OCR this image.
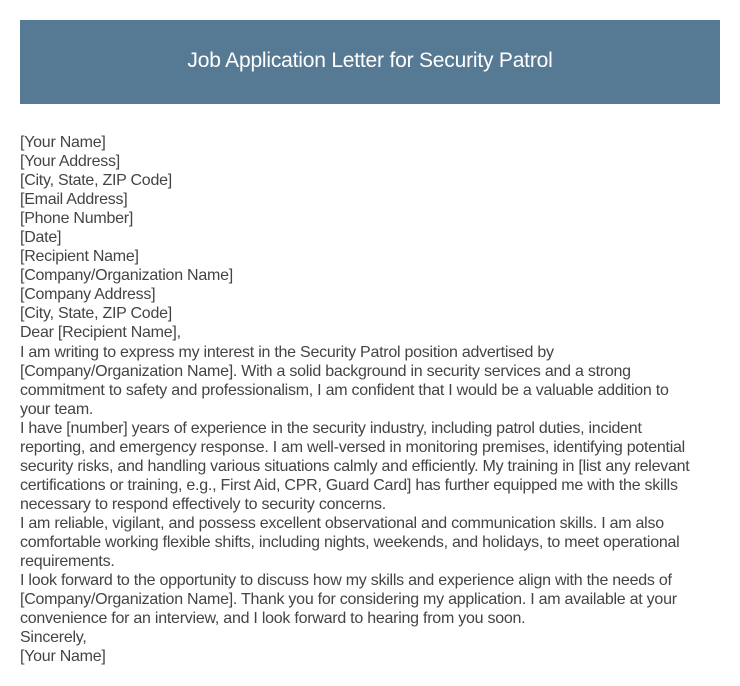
Job Application Letter for Security Patrol
[Your Name]
[Your Address]
[City, State, ZIP Code]
[Email Address]
[Phone Number]
[Date]
[Recipient Name]
[Company/Organization Name]
[Company Address]
[City, State, ZIP Code]
Dear [Recipient Name],
I am writing to express my interest in the Security Patrol position advertised by
[Company/Organization Name]. With a solid background in security services and a strong
commitment to safety and professionalism, I am confident that I would be a valuable addition to
your team.
I have [number] years of experience in the security industry, including patrol duties, incident
reporting, and emergency response. I am well-versed in monitoring premises, identifying potential
security risks, and handling various situations calmly and efficiently. My training in [list any relevant
certifications or training, e.g., First Aid, CPR, Guard Card] has further equipped me with the skills
necessary to respond effectively to security concerns.
I am reliable, vigilant, and possess excellent observational and communication skills. I am also
comfortable working flexible shifts, including nights, weekends, and holidays, to meet operational
requirements.
I look forward to the opportunity to discuss how my skills and experience align with the needs of
[Company/Organization Name]. Thank you for considering my application. I am available at your
convenience for an interview, and I look forward to hearing from you soon.
Sincerely,
[Your Name]
